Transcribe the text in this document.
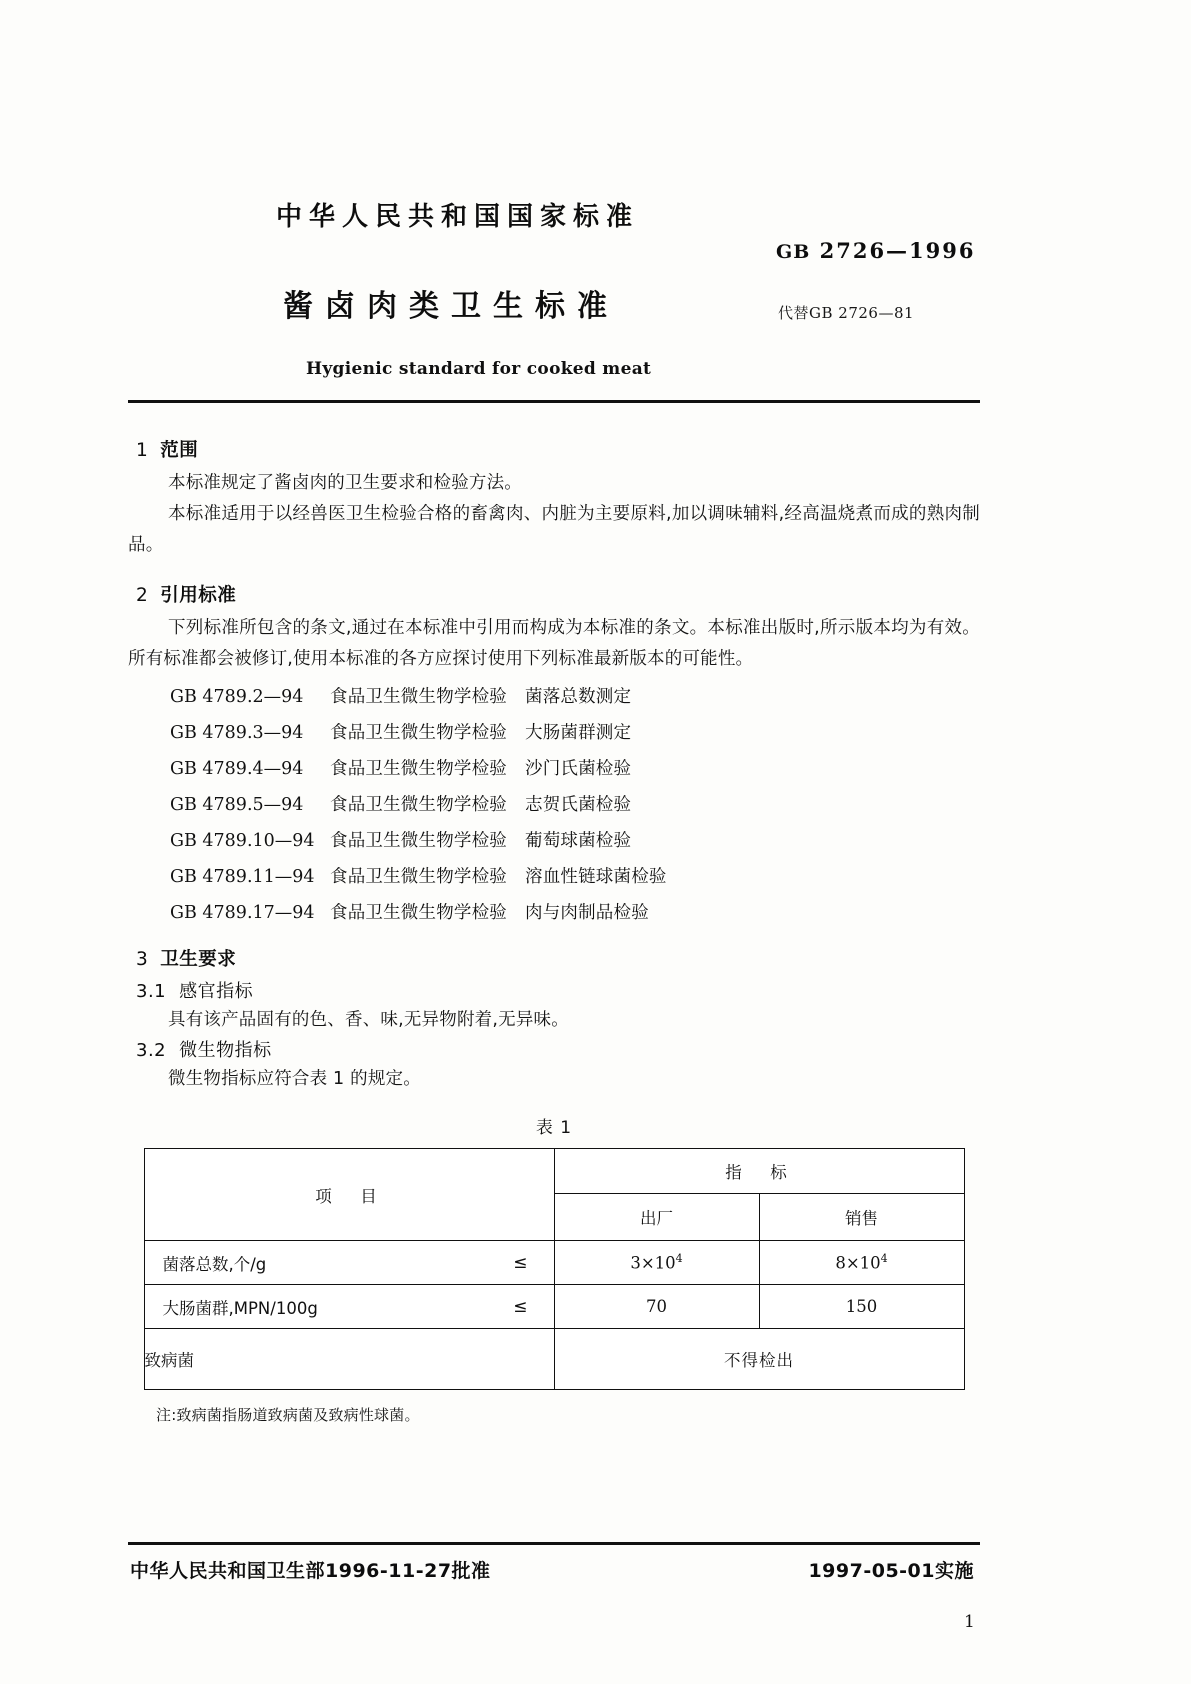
中华人民共和国国家标准
酱卤肉类卫生标准
Hygienic standard for cooked meat
GB 2726—1996
代替GB 2726—81
1 范围

本标准规定了酱卤肉的卫生要求和检验方法。

本标准适用于以经兽医卫生检验合格的畜禽肉、内脏为主要原料,加以调味辅料,经高温烧煮而成的熟肉制品。

2 引用标准

下列标准所包含的条文,通过在本标准中引用而构成为本标准的条文。本标准出版时,所示版本均为有效。所有标准都会被修订,使用本标准的各方应探讨使用下列标准最新版本的可能性。

GB 4789.2—94	食品卫生微生物学检验 菌落总数测定
GB 4789.3—94	食品卫生微生物学检验 大肠菌群测定
GB 4789.4—94	食品卫生微生物学检验 沙门氏菌检验
GB 4789.5—94	食品卫生微生物学检验 志贺氏菌检验
GB 4789.10—94 食品卫生微生物学检验 葡萄球菌检验
GB 4789.11—94 食品卫生微生物学检验 溶血性链球菌检验
GB 4789.17—94 食品卫生微生物学检验 肉与肉制品检验
3 卫生要求
3.1 感官指标

具有该产品固有的色、香、味,无异物附着,无异味。

3.2 微生物指标

微生物指标应符合表 1 的规定。

表 1
项　目	指　标	
	出厂	销售

菌落总数,个/g ≤	$3\times 10^4$	$8\times 10^4$

大肠菌群,MPN/100g ≤	70	150
致病菌	不得检出	
注:致病菌指肠道致病菌及致病性球菌。
中华人民共和国卫生部1996-11-27批准	1997-05-01实施
1
